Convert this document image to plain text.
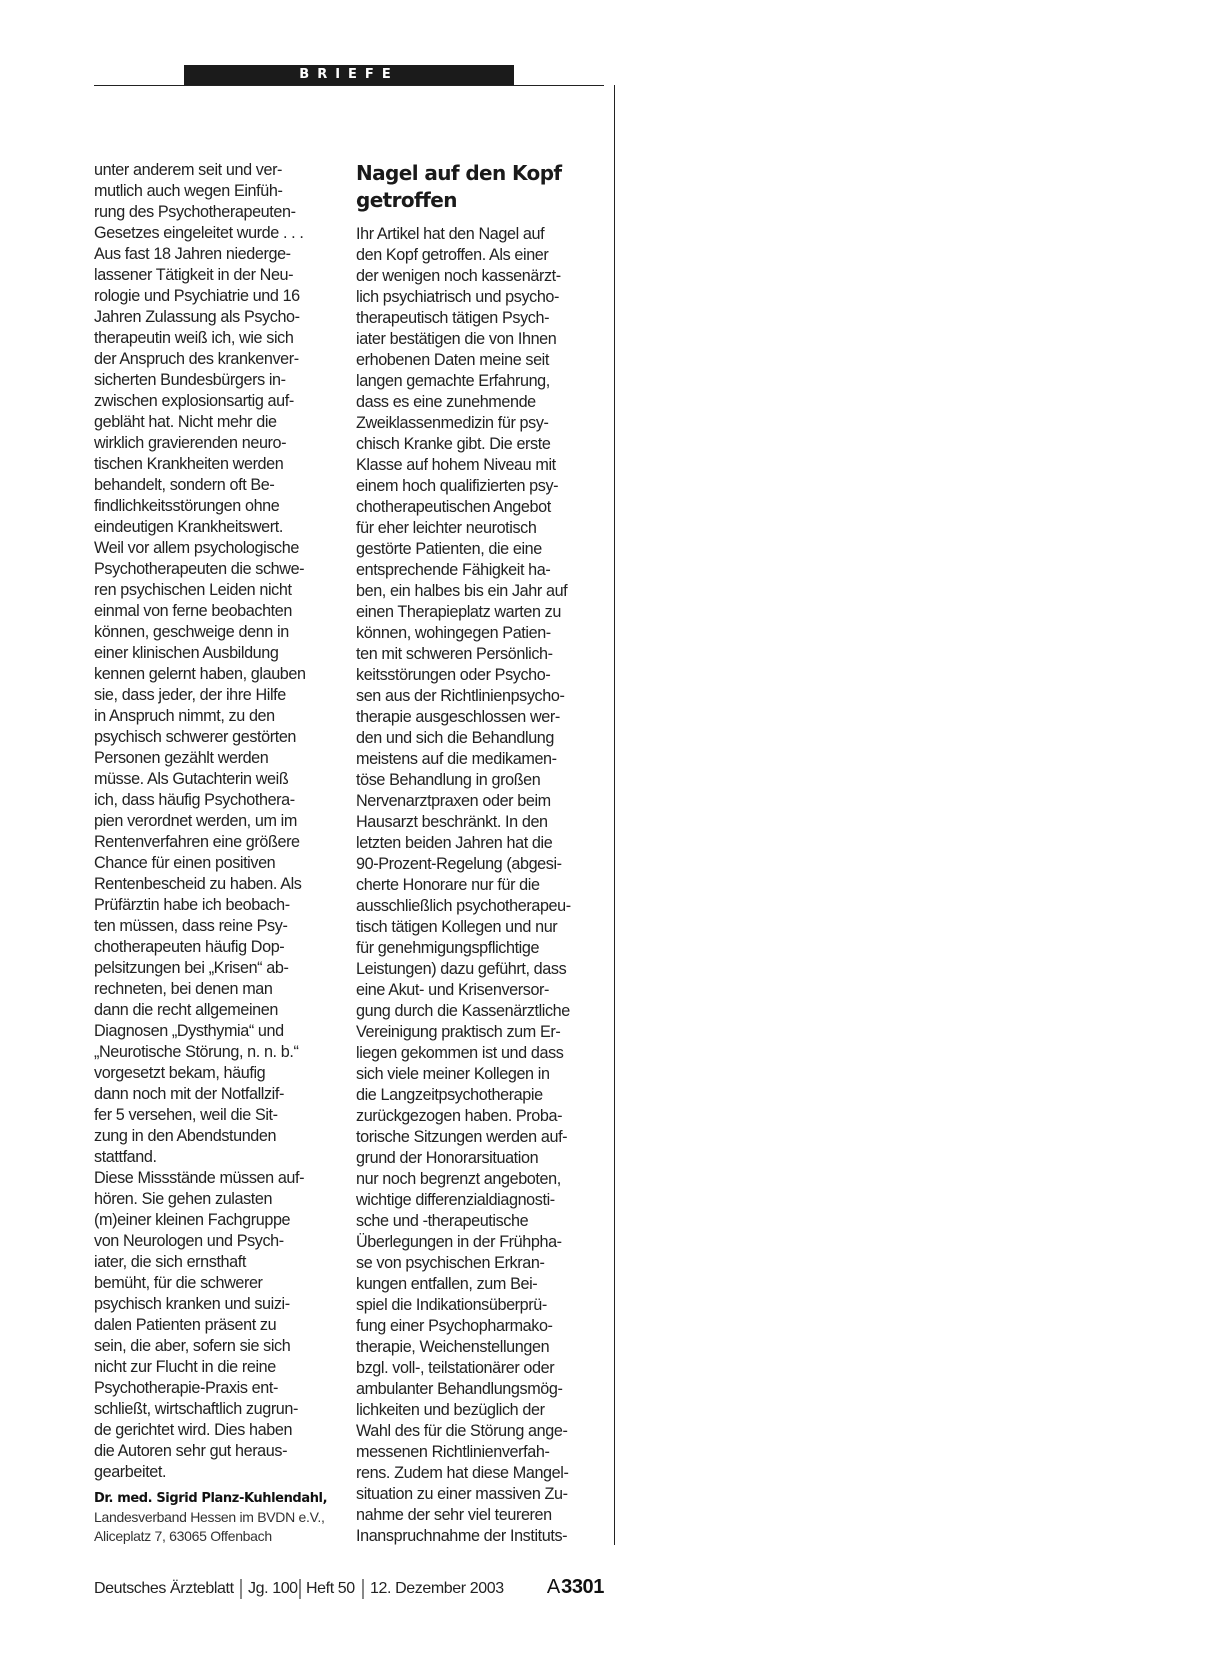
BRIEFE
unter anderem seit und ver-
mutlich auch wegen Einfüh-
rung des Psychotherapeuten-
Gesetzes eingeleitet wurde . . .
Aus fast 18 Jahren niederge-
lassener Tätigkeit in der Neu-
rologie und Psychiatrie und 16
Jahren Zulassung als Psycho-
therapeutin weiß ich, wie sich
der Anspruch des krankenver-
sicherten Bundesbürgers in-
zwischen explosionsartig auf-
gebläht hat. Nicht mehr die
wirklich gravierenden neuro-
tischen Krankheiten werden
behandelt, sondern oft Be-
findlichkeitsstörungen ohne
eindeutigen Krankheitswert.
Weil vor allem psychologische
Psychotherapeuten die schwe-
ren psychischen Leiden nicht
einmal von ferne beobachten
können, geschweige denn in
einer klinischen Ausbildung
kennen gelernt haben, glauben
sie, dass jeder, der ihre Hilfe
in Anspruch nimmt, zu den
psychisch schwerer gestörten
Personen gezählt werden
müsse. Als Gutachterin weiß
ich, dass häufig Psychothera-
pien verordnet werden, um im
Rentenverfahren eine größere
Chance für einen positiven
Rentenbescheid zu haben. Als
Prüfärztin habe ich beobach-
ten müssen, dass reine Psy-
chotherapeuten häufig Dop-
pelsitzungen bei „Krisen“ ab-
rechneten, bei denen man
dann die recht allgemeinen
Diagnosen „Dysthymia“ und
„Neurotische Störung, n. n. b.“
vorgesetzt bekam, häufig
dann noch mit der Notfallzif-
fer 5 versehen, weil die Sit-
zung in den Abendstunden
stattfand.
Diese Missstände müssen auf-
hören. Sie gehen zulasten
(m)einer kleinen Fachgruppe
von Neurologen und Psych-
iater, die sich ernsthaft
bemüht, für die schwerer
psychisch kranken und suizi-
dalen Patienten präsent zu
sein, die aber, sofern sie sich
nicht zur Flucht in die reine
Psychotherapie-Praxis ent-
schließt, wirtschaftlich zugrun-
de gerichtet wird. Dies haben
die Autoren sehr gut heraus-
gearbeitet.
Dr. med. Sigrid Planz-Kuhlendahl,
Landesverband Hessen im BVDN e.V.,
Aliceplatz 7, 63065 Offenbach
Nagel auf den Kopf
getroffen
Ihr Artikel hat den Nagel auf
den Kopf getroffen. Als einer
der wenigen noch kassenärzt-
lich psychiatrisch und psycho-
therapeutisch tätigen Psych-
iater bestätigen die von Ihnen
erhobenen Daten meine seit
langen gemachte Erfahrung,
dass es eine zunehmende
Zweiklassenmedizin für psy-
chisch Kranke gibt. Die erste
Klasse auf hohem Niveau mit
einem hoch qualifizierten psy-
chotherapeutischen Angebot
für eher leichter neurotisch
gestörte Patienten, die eine
entsprechende Fähigkeit ha-
ben, ein halbes bis ein Jahr auf
einen Therapieplatz warten zu
können, wohingegen Patien-
ten mit schweren Persönlich-
keitsstörungen oder Psycho-
sen aus der Richtlinienpsycho-
therapie ausgeschlossen wer-
den und sich die Behandlung
meistens auf die medikamen-
töse Behandlung in großen
Nervenarztpraxen oder beim
Hausarzt beschränkt. In den
letzten beiden Jahren hat die
90-Prozent-Regelung (abgesi-
cherte Honorare nur für die
ausschließlich psychotherapeu-
tisch tätigen Kollegen und nur
für genehmigungspflichtige
Leistungen) dazu geführt, dass
eine Akut- und Krisenversor-
gung durch die Kassenärztliche
Vereinigung praktisch zum Er-
liegen gekommen ist und dass
sich viele meiner Kollegen in
die Langzeitpsychotherapie
zurückgezogen haben. Proba-
torische Sitzungen werden auf-
grund der Honorarsituation
nur noch begrenzt angeboten,
wichtige differenzialdiagnosti-
sche und -therapeutische
Überlegungen in der Frühpha-
se von psychischen Erkran-
kungen entfallen, zum Bei-
spiel die Indikationsüberprü-
fung einer Psychopharmako-
therapie, Weichenstellungen
bzgl. voll-, teilstationärer oder
ambulanter Behandlungsmög-
lichkeiten und bezüglich der
Wahl des für die Störung ange-
messenen Richtlinienverfah-
rens. Zudem hat diese Mangel-
situation zu einer massiven Zu-
nahme der sehr viel teureren
Inanspruchnahme der Instituts-
Deutsches Ärzteblatt Jg. 100 Heft 50 12. Dezember 2003 A 3301
